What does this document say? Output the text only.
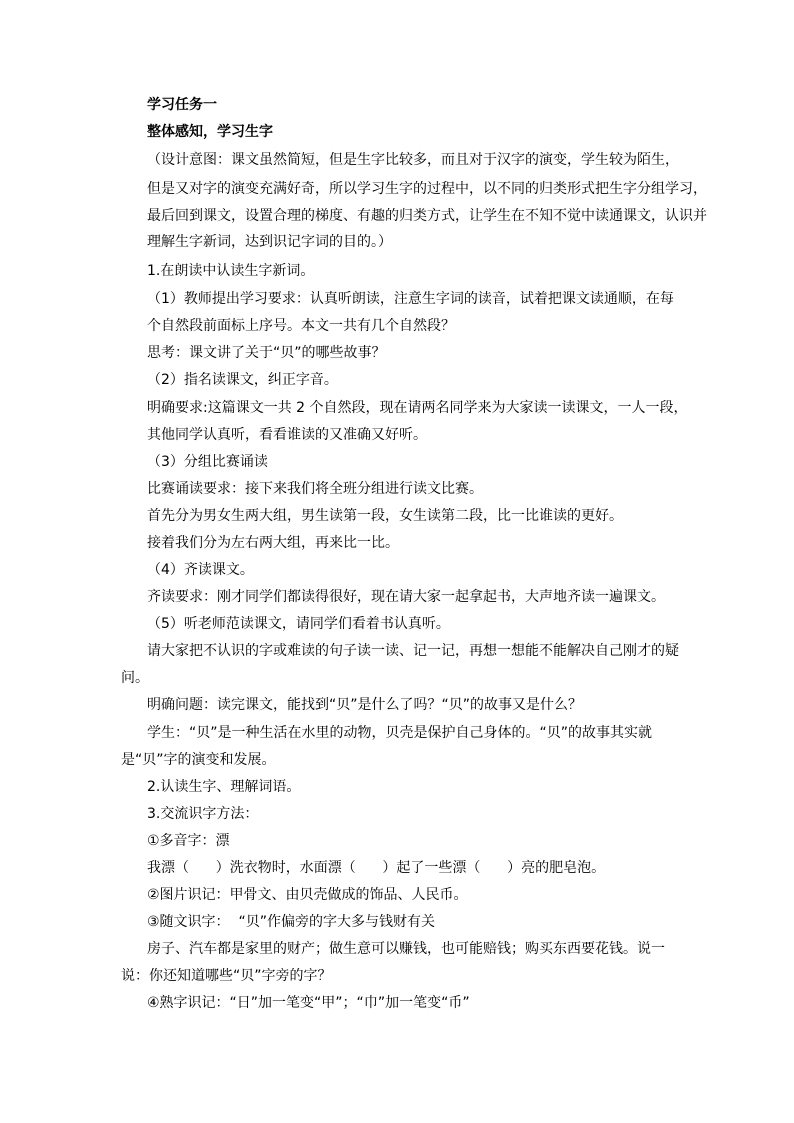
学习任务一
整体感知，学习生字
（设计意图：课文虽然简短，但是生字比较多，而且对于汉字的演变，学生较为陌生，
但是又对字的演变充满好奇，所以学习生字的过程中，以不同的归类形式把生字分组学习，
最后回到课文，设置合理的梯度、有趣的归类方式，让学生在不知不觉中读通课文，认识并
理解生字新词，达到识记字词的目的。）
1.在朗读中认读生字新词。
（1）教师提出学习要求：认真听朗读，注意生字词的读音，试着把课文读通顺，在每
个自然段前面标上序号。本文一共有几个自然段？
思考：课文讲了关于“贝”的哪些故事？
（2）指名读课文，纠正字音。
明确要求:这篇课文一共 2 个自然段，现在请两名同学来为大家读一读课文，一人一段，
其他同学认真听，看看谁读的又准确又好听。
（3）分组比赛诵读
比赛诵读要求：接下来我们将全班分组进行读文比赛。
首先分为男女生两大组，男生读第一段，女生读第二段，比一比谁读的更好。
接着我们分为左右两大组，再来比一比。
（4）齐读课文。
齐读要求：刚才同学们都读得很好，现在请大家一起拿起书，大声地齐读一遍课文。
（5）听老师范读课文，请同学们看着书认真听。
请大家把不认识的字或难读的句子读一读、记一记，再想一想能不能解决自己刚才的疑
问。
明确问题：读完课文，能找到“贝”是什么了吗？“贝”的故事又是什么？
学生：“贝”是一种生活在水里的动物，贝壳是保护自己身体的。“贝”的故事其实就
是“贝”字的演变和发展。
2.认读生字、理解词语。
3.交流识字方法：
①多音字：漂
我漂（      ）洗衣物时，水面漂（      ）起了一些漂（      ）亮的肥皂泡。
②图片识记：甲骨文、由贝壳做成的饰品、人民币。
③随文识字：  “贝”作偏旁的字大多与钱财有关
房子、汽车都是家里的财产；做生意可以赚钱，也可能赔钱；购买东西要花钱。说一
说：你还知道哪些“贝”字旁的字？
④熟字识记：“日”加一笔变“甲”；“巾”加一笔变“币”
